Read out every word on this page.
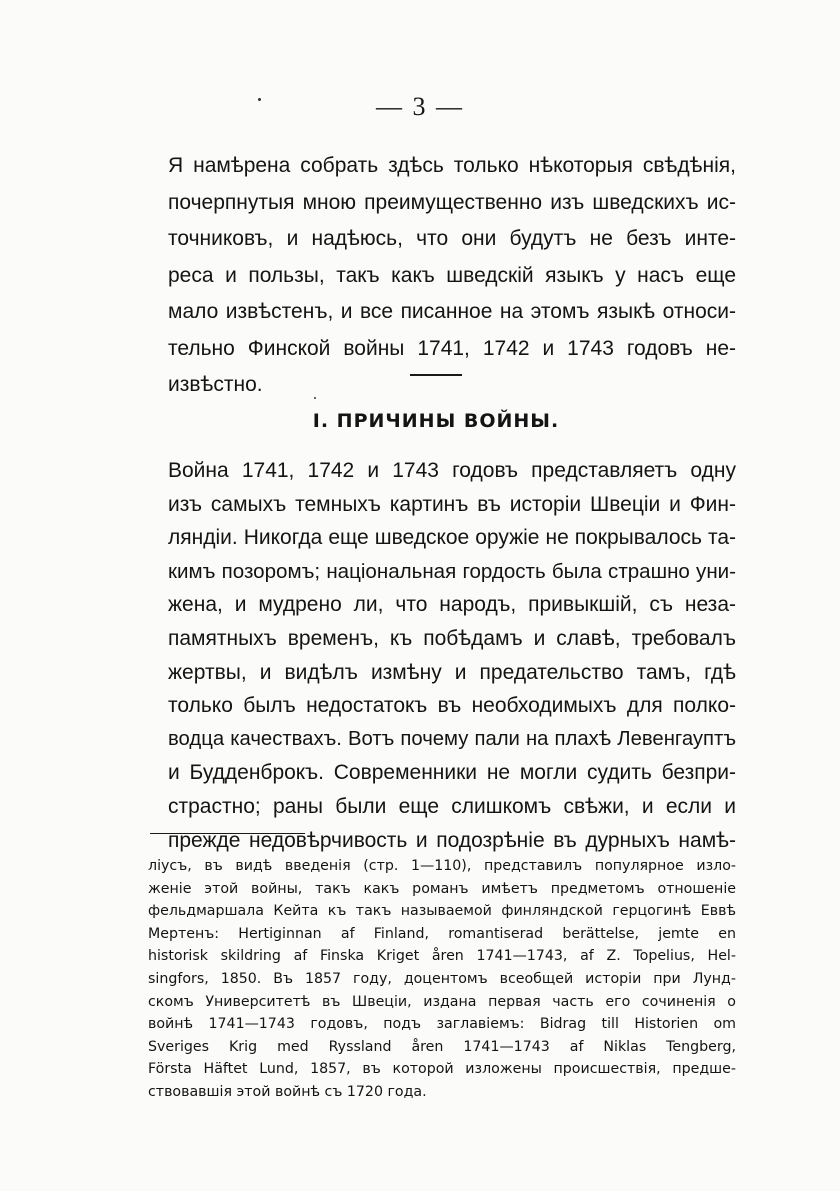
— 3 —
Я намѣрена собрать здѣсь только нѣкоторыя свѣдѣнія,
почерпнутыя мною преимущественно изъ шведскихъ ис-
точниковъ, и надѣюсь, что они будутъ не безъ инте-
реса и пользы, такъ какъ шведскій языкъ у насъ еще
мало извѣстенъ, и все писанное на этомъ языкѣ относи-
тельно Финской войны 1741, 1742 и 1743 годовъ не-
извѣстно.
I. ПРИЧИНЫ ВОЙНЫ.
Война 1741, 1742 и 1743 годовъ представляетъ одну
изъ самыхъ темныхъ картинъ въ исторіи Швеціи и Фин-
ляндіи. Никогда еще шведское оружіе не покрывалось та-
кимъ позоромъ; національная гордость была страшно уни-
жена, и мудрено ли, что народъ, привыкшій, съ неза-
памятныхъ временъ, къ побѣдамъ и славѣ, требовалъ
жертвы, и видѣлъ измѣну и предательство тамъ, гдѣ
только былъ недостатокъ въ необходимыхъ для полко-
водца качествахъ. Вотъ почему пали на плахѣ Левенгауптъ
и Будденброкъ. Современники не могли судить безпри-
страстно; раны были еще слишкомъ свѣжи, и если и
прежде недовѣрчивость и подозрѣніе въ дурныхъ намѣ-
ліусъ, въ видѣ введенія (стр. 1—110), представилъ популярное изло-
женіе этой войны, такъ какъ романъ имѣетъ предметомъ отношеніе
фельдмаршала Кейта къ такъ называемой финляндской герцогинѣ Еввѣ
Мертенъ: Hertiginnan af Finland, romantiserad berättelse, jemte en
historisk skildring af Finska Kriget åren 1741—1743, af Z. Topelius, Hel-
singfors, 1850. Въ 1857 году, доцентомъ всеобщей исторіи при Лунд-
скомъ Университетѣ въ Швеціи, издана первая часть его сочиненія о
войнѣ 1741—1743 годовъ, подъ заглавіемъ: Bidrag till Historien om
Sveriges Krig med Ryssland åren 1741—1743 af Niklas Tengberg,
Första Häftet Lund, 1857, въ которой изложены происшествія, предше-
ствовавшія этой войнѣ съ 1720 года.
